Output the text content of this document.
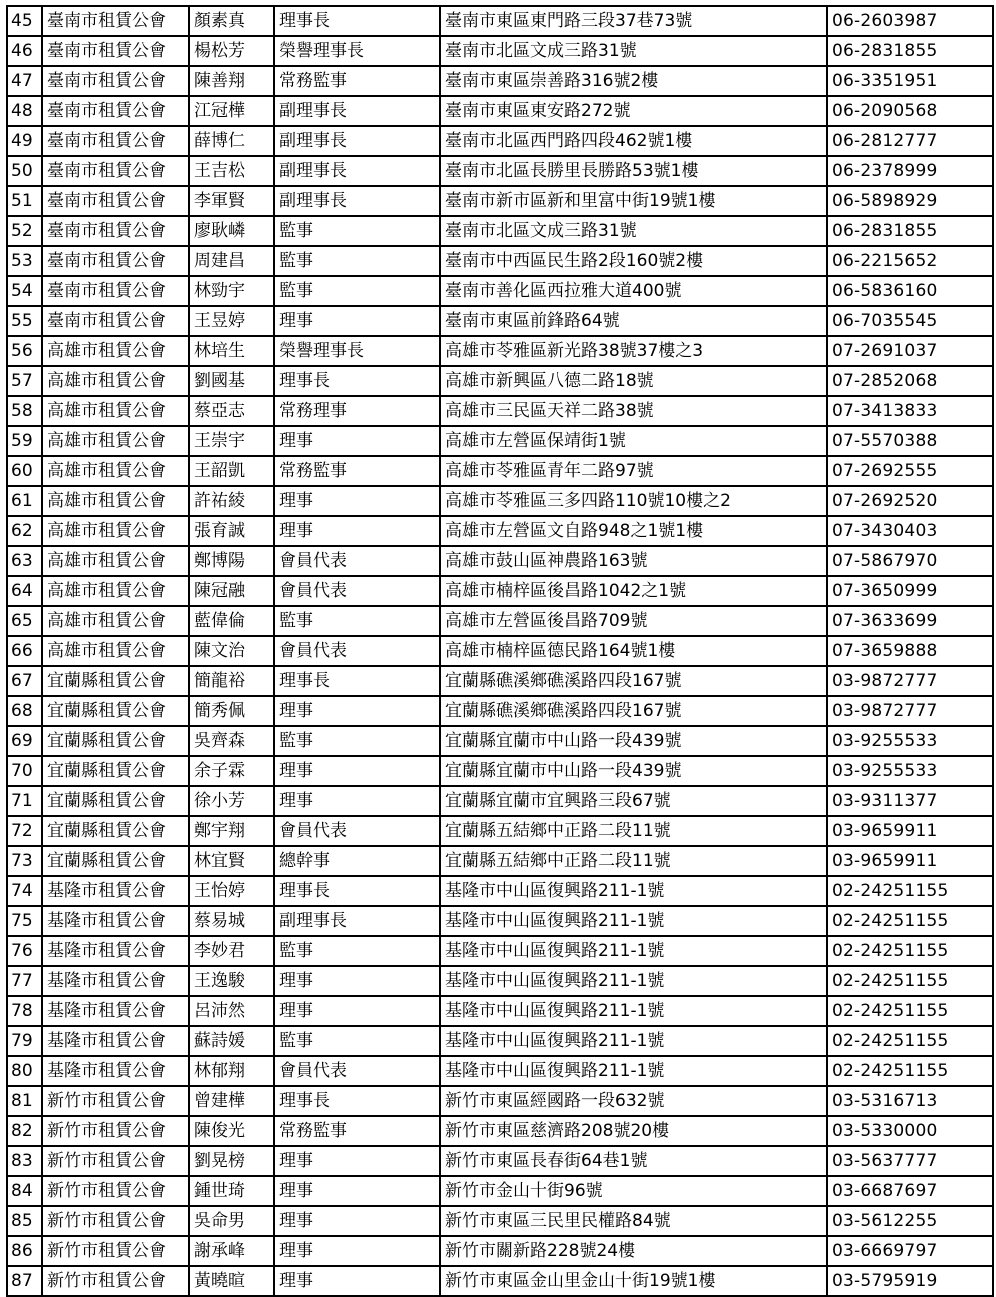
45	臺南市租賃公會	顏素真	理事長	臺南市東區東門路三段37巷73號	06-2603987
46	臺南市租賃公會	楊松芳	榮譽理事長	臺南市北區文成三路31號	06-2831855
47	臺南市租賃公會	陳善翔	常務監事	臺南市東區崇善路316號2樓	06-3351951
48	臺南市租賃公會	江冠樺	副理事長	臺南市東區東安路272號	06-2090568
49	臺南市租賃公會	薛博仁	副理事長	臺南市北區西門路四段462號1樓	06-2812777
50	臺南市租賃公會	王吉松	副理事長	臺南市北區長勝里長勝路53號1樓	06-2378999
51	臺南市租賃公會	李軍賢	副理事長	臺南市新市區新和里富中街19號1樓	06-5898929
52	臺南市租賃公會	廖耿嶙	監事	臺南市北區文成三路31號	06-2831855
53	臺南市租賃公會	周建昌	監事	臺南市中西區民生路2段160號2樓	06-2215652
54	臺南市租賃公會	林勁宇	監事	臺南市善化區西拉雅大道400號	06-5836160
55	臺南市租賃公會	王昱婷	理事	臺南市東區前鋒路64號	06-7035545
56	高雄市租賃公會	林培生	榮譽理事長	高雄市苓雅區新光路38號37樓之3	07-2691037
57	高雄市租賃公會	劉國基	理事長	高雄市新興區八德二路18號	07-2852068
58	高雄市租賃公會	蔡亞志	常務理事	高雄市三民區天祥二路38號	07-3413833
59	高雄市租賃公會	王崇宇	理事	高雄市左營區保靖街1號	07-5570388
60	高雄市租賃公會	王韶凱	常務監事	高雄市苓雅區青年二路97號	07-2692555
61	高雄市租賃公會	許祐綾	理事	高雄市苓雅區三多四路110號10樓之2	07-2692520
62	高雄市租賃公會	張育誠	理事	高雄市左營區文自路948之1號1樓	07-3430403
63	高雄市租賃公會	鄭博陽	會員代表	高雄市鼓山區神農路163號	07-5867970
64	高雄市租賃公會	陳冠融	會員代表	高雄市楠梓區後昌路1042之1號	07-3650999
65	高雄市租賃公會	藍偉倫	監事	高雄市左營區後昌路709號	07-3633699
66	高雄市租賃公會	陳文治	會員代表	高雄市楠梓區德民路164號1樓	07-3659888
67	宜蘭縣租賃公會	簡龍裕	理事長	宜蘭縣礁溪鄉礁溪路四段167號	03-9872777
68	宜蘭縣租賃公會	簡秀佩	理事	宜蘭縣礁溪鄉礁溪路四段167號	03-9872777
69	宜蘭縣租賃公會	吳齊森	監事	宜蘭縣宜蘭市中山路一段439號	03-9255533
70	宜蘭縣租賃公會	余子霖	理事	宜蘭縣宜蘭市中山路一段439號	03-9255533
71	宜蘭縣租賃公會	徐小芳	理事	宜蘭縣宜蘭市宜興路三段67號	03-9311377
72	宜蘭縣租賃公會	鄭宇翔	會員代表	宜蘭縣五結鄉中正路二段11號	03-9659911
73	宜蘭縣租賃公會	林宜賢	總幹事	宜蘭縣五結鄉中正路二段11號	03-9659911
74	基隆市租賃公會	王怡婷	理事長	基隆市中山區復興路211-1號	02-24251155
75	基隆市租賃公會	蔡易城	副理事長	基隆市中山區復興路211-1號	02-24251155
76	基隆市租賃公會	李妙君	監事	基隆市中山區復興路211-1號	02-24251155
77	基隆市租賃公會	王逸駿	理事	基隆市中山區復興路211-1號	02-24251155
78	基隆市租賃公會	呂沛然	理事	基隆市中山區復興路211-1號	02-24251155
79	基隆市租賃公會	蘇詩媛	監事	基隆市中山區復興路211-1號	02-24251155
80	基隆市租賃公會	林郁翔	會員代表	基隆市中山區復興路211-1號	02-24251155
81	新竹市租賃公會	曾建樺	理事長	新竹市東區經國路一段632號	03-5316713
82	新竹市租賃公會	陳俊光	常務監事	新竹市東區慈濟路208號20樓	03-5330000
83	新竹市租賃公會	劉晃榜	理事	新竹市東區長春街64巷1號	03-5637777
84	新竹市租賃公會	鍾世琦	理事	新竹市金山十街96號	03-6687697
85	新竹市租賃公會	吳命男	理事	新竹市東區三民里民權路84號	03-5612255
86	新竹市租賃公會	謝承峰	理事	新竹市關新路228號24樓	03-6669797
87	新竹市租賃公會	黃曉暄	理事	新竹市東區金山里金山十街19號1樓	03-5795919
